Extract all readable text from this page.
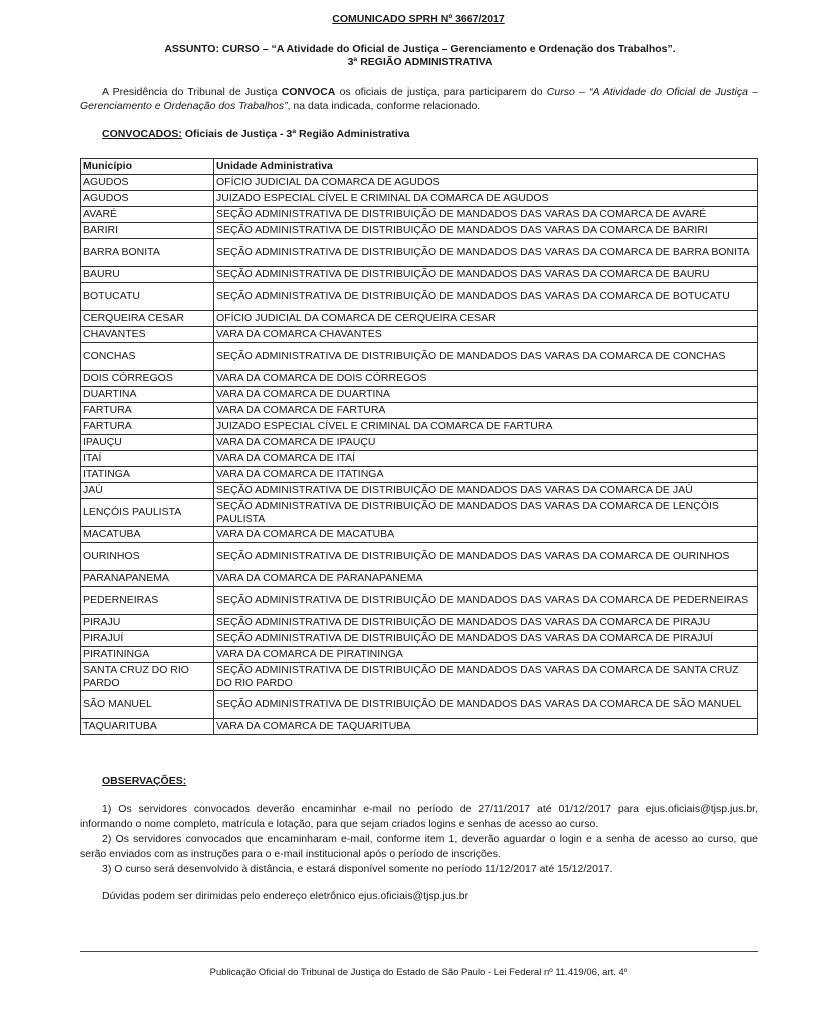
COMUNICADO SPRH Nº 3667/2017
ASSUNTO: CURSO – “A Atividade do Oficial de Justiça – Gerenciamento e Ordenação dos Trabalhos”.
3ª REGIÃO ADMINISTRATIVA
A Presidência do Tribunal de Justiça CONVOCA os oficiais de justiça, para participarem do Curso – “A Atividade do Oficial de Justiça – Gerenciamento e Ordenação dos Trabalhos”, na data indicada, conforme relacionado.
CONVOCADOS: Oficiais de Justiça - 3ª Região Administrativa
Município	Unidade Administrativa
AGUDOS	OFÍCIO JUDICIAL DA COMARCA DE AGUDOS
AGUDOS	JUIZADO ESPECIAL CÍVEL E CRIMINAL DA COMARCA DE AGUDOS
AVARÉ	SEÇÃO ADMINISTRATIVA DE DISTRIBUIÇÃO DE MANDADOS DAS VARAS DA COMARCA DE AVARÉ
BARIRI	SEÇÃO ADMINISTRATIVA DE DISTRIBUIÇÃO DE MANDADOS DAS VARAS DA COMARCA DE BARIRI
BARRA BONITA	SEÇÃO ADMINISTRATIVA DE DISTRIBUIÇÃO DE MANDADOS DAS VARAS DA COMARCA DE BARRA BONITA
BAURU	SEÇÃO ADMINISTRATIVA DE DISTRIBUIÇÃO DE MANDADOS DAS VARAS DA COMARCA DE BAURU
BOTUCATU	SEÇÃO ADMINISTRATIVA DE DISTRIBUIÇÃO DE MANDADOS DAS VARAS DA COMARCA DE BOTUCATU
CERQUEIRA CESAR	OFÍCIO JUDICIAL DA COMARCA DE CERQUEIRA CESAR
CHAVANTES	VARA DA COMARCA CHAVANTES
CONCHAS	SEÇÃO ADMINISTRATIVA DE DISTRIBUIÇÃO DE MANDADOS DAS VARAS DA COMARCA DE CONCHAS
DOIS CÓRREGOS	VARA DA COMARCA DE DOIS CÓRREGOS
DUARTINA	VARA DA COMARCA DE DUARTINA
FARTURA	VARA DA COMARCA DE FARTURA
FARTURA	JUIZADO ESPECIAL CÍVEL E CRIMINAL DA COMARCA DE FARTURA
IPAUÇU	VARA DA COMARCA DE IPAUÇU
ITAÍ	VARA DA COMARCA DE ITAÍ
ITATINGA	VARA DA COMARCA DE ITATINGA
JAÚ	SEÇÃO ADMINISTRATIVA DE DISTRIBUIÇÃO DE MANDADOS DAS VARAS DA COMARCA DE JAÚ
LENÇÓIS PAULISTA	SEÇÃO ADMINISTRATIVA DE DISTRIBUIÇÃO DE MANDADOS DAS VARAS DA COMARCA DE LENÇÓIS PAULISTA
MACATUBA	VARA DA COMARCA DE MACATUBA
OURINHOS	SEÇÃO ADMINISTRATIVA DE DISTRIBUIÇÃO DE MANDADOS DAS VARAS DA COMARCA DE OURINHOS
PARANAPANEMA	VARA DA COMARCA DE PARANAPANEMA
PEDERNEIRAS	SEÇÃO ADMINISTRATIVA DE DISTRIBUIÇÃO DE MANDADOS DAS VARAS DA COMARCA DE PEDERNEIRAS
PIRAJU	SEÇÃO ADMINISTRATIVA DE DISTRIBUIÇÃO DE MANDADOS DAS VARAS DA COMARCA DE PIRAJU
PIRAJUÍ	SEÇÃO ADMINISTRATIVA DE DISTRIBUIÇÃO DE MANDADOS DAS VARAS DA COMARCA DE PIRAJUÍ
PIRATININGA	VARA DA COMARCA DE PIRATININGA
SANTA CRUZ DO RIO PARDO	SEÇÃO ADMINISTRATIVA DE DISTRIBUIÇÃO DE MANDADOS DAS VARAS DA COMARCA DE SANTA CRUZ DO RIO PARDO
SÃO MANUEL	SEÇÃO ADMINISTRATIVA DE DISTRIBUIÇÃO DE MANDADOS DAS VARAS DA COMARCA DE SÃO MANUEL
TAQUARITUBA	VARA DA COMARCA DE TAQUARITUBA
OBSERVAÇÕES:

1) Os servidores convocados deverão encaminhar e-mail no período de 27/11/2017 até 01/12/2017 para ejus.oficiais@tjsp.jus.br, informando o nome completo, matrícula e lotação, para que sejam criados logins e senhas de acesso ao curso.

2) Os servidores convocados que encaminharam e-mail, conforme item 1, deverão aguardar o login e a senha de acesso ao curso, que serão enviados com as instruções para o e-mail institucional após o período de inscrições.

3) O curso será desenvolvido à distância, e estará disponível somente no período 11/12/2017 até 15/12/2017.

Dúvidas podem ser dirimidas pelo endereço eletrônico ejus.oficiais@tjsp.jus.br
Publicação Oficial do Tribunal de Justiça do Estado de São Paulo - Lei Federal nº 11.419/06, art. 4º
